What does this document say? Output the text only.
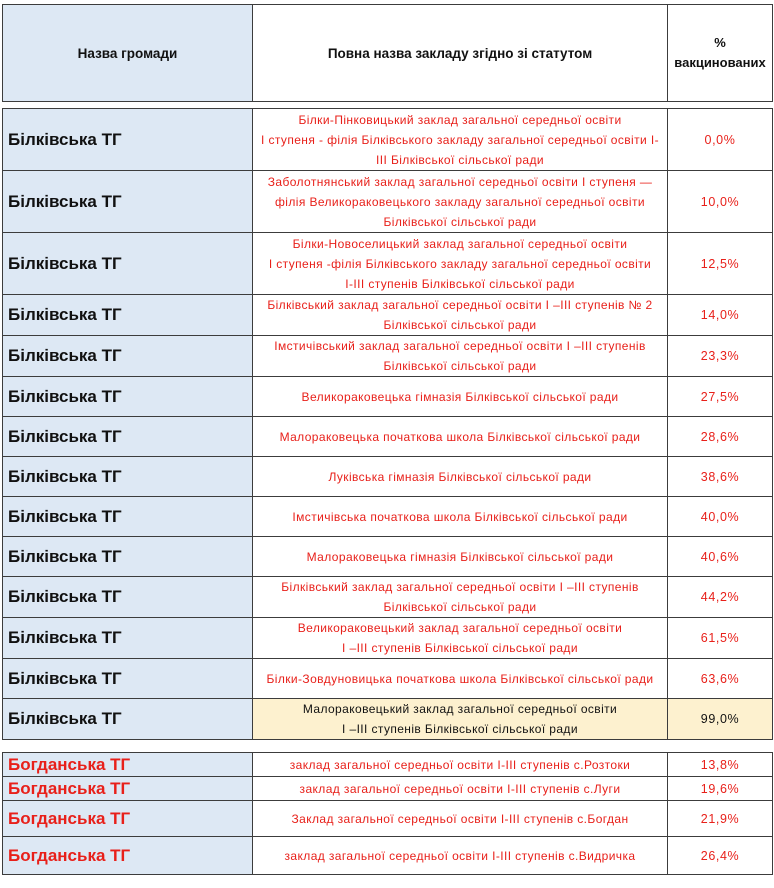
Назва громади	Повна назва закладу згідно зі статутом	%
вакцинованих

Білківська ТГ	Білки-Пінковицький заклад загальної середньої освіти
I ступеня - філія Білківського закладу загальної середньої освіти I-
III Білківської сільської ради	0,0%
Білківська ТГ	Заболотнянський заклад загальної середньої освіти I ступеня —
філія Великораковецького закладу загальної середньої освіти
Білківської сільської ради	10,0%
Білківська ТГ	Білки-Новоселицький заклад загальної середньої освіти
I ступеня -філія Білківського закладу загальної середньої освіти
I-III ступенів Білківської сільської ради	12,5%
Білківська ТГ	Білківський заклад загальної середньої освіти I –III ступенів № 2
Білківської сільської ради	14,0%
Білківська ТГ	Імстичівський заклад загальної середньої освіти I –III ступенів
Білківської сільської ради	23,3%
Білківська ТГ	Великораковецька гімназія Білківської сільської ради	27,5%
Білківська ТГ	Малораковецька початкова школа Білківської сільської ради	28,6%
Білківська ТГ	Луківська гімназія Білківської сільської ради	38,6%
Білківська ТГ	Імстичівська початкова школа Білківської сільської ради	40,0%
Білківська ТГ	Малораковецька гімназія Білківської сільської ради	40,6%
Білківська ТГ	Білківський заклад загальної середньої освіти I –III ступенів
Білківської сільської ради	44,2%
Білківська ТГ	Великораковецький заклад загальної середньої освіти
I –III ступенів Білківської сільської ради	61,5%
Білківська ТГ	Білки-Зовдуновицька початкова школа Білківської сільської ради	63,6%
Білківська ТГ	Малораковецький заклад загальної середньої освіти
I –III ступенів Білківської сільської ради	99,0%

Богданська ТГ	заклад загальної середньої освіти I-III ступенів с.Розтоки	13,8%
Богданська ТГ	заклад загальної середньої освіти I-III ступенів с.Луги	19,6%
Богданська ТГ	Заклад загальної середньої освіти I-III ступенів с.Богдан	21,9%
Богданська ТГ	заклад загальної середньої освіти I-III ступенів с.Видричка	26,4%
